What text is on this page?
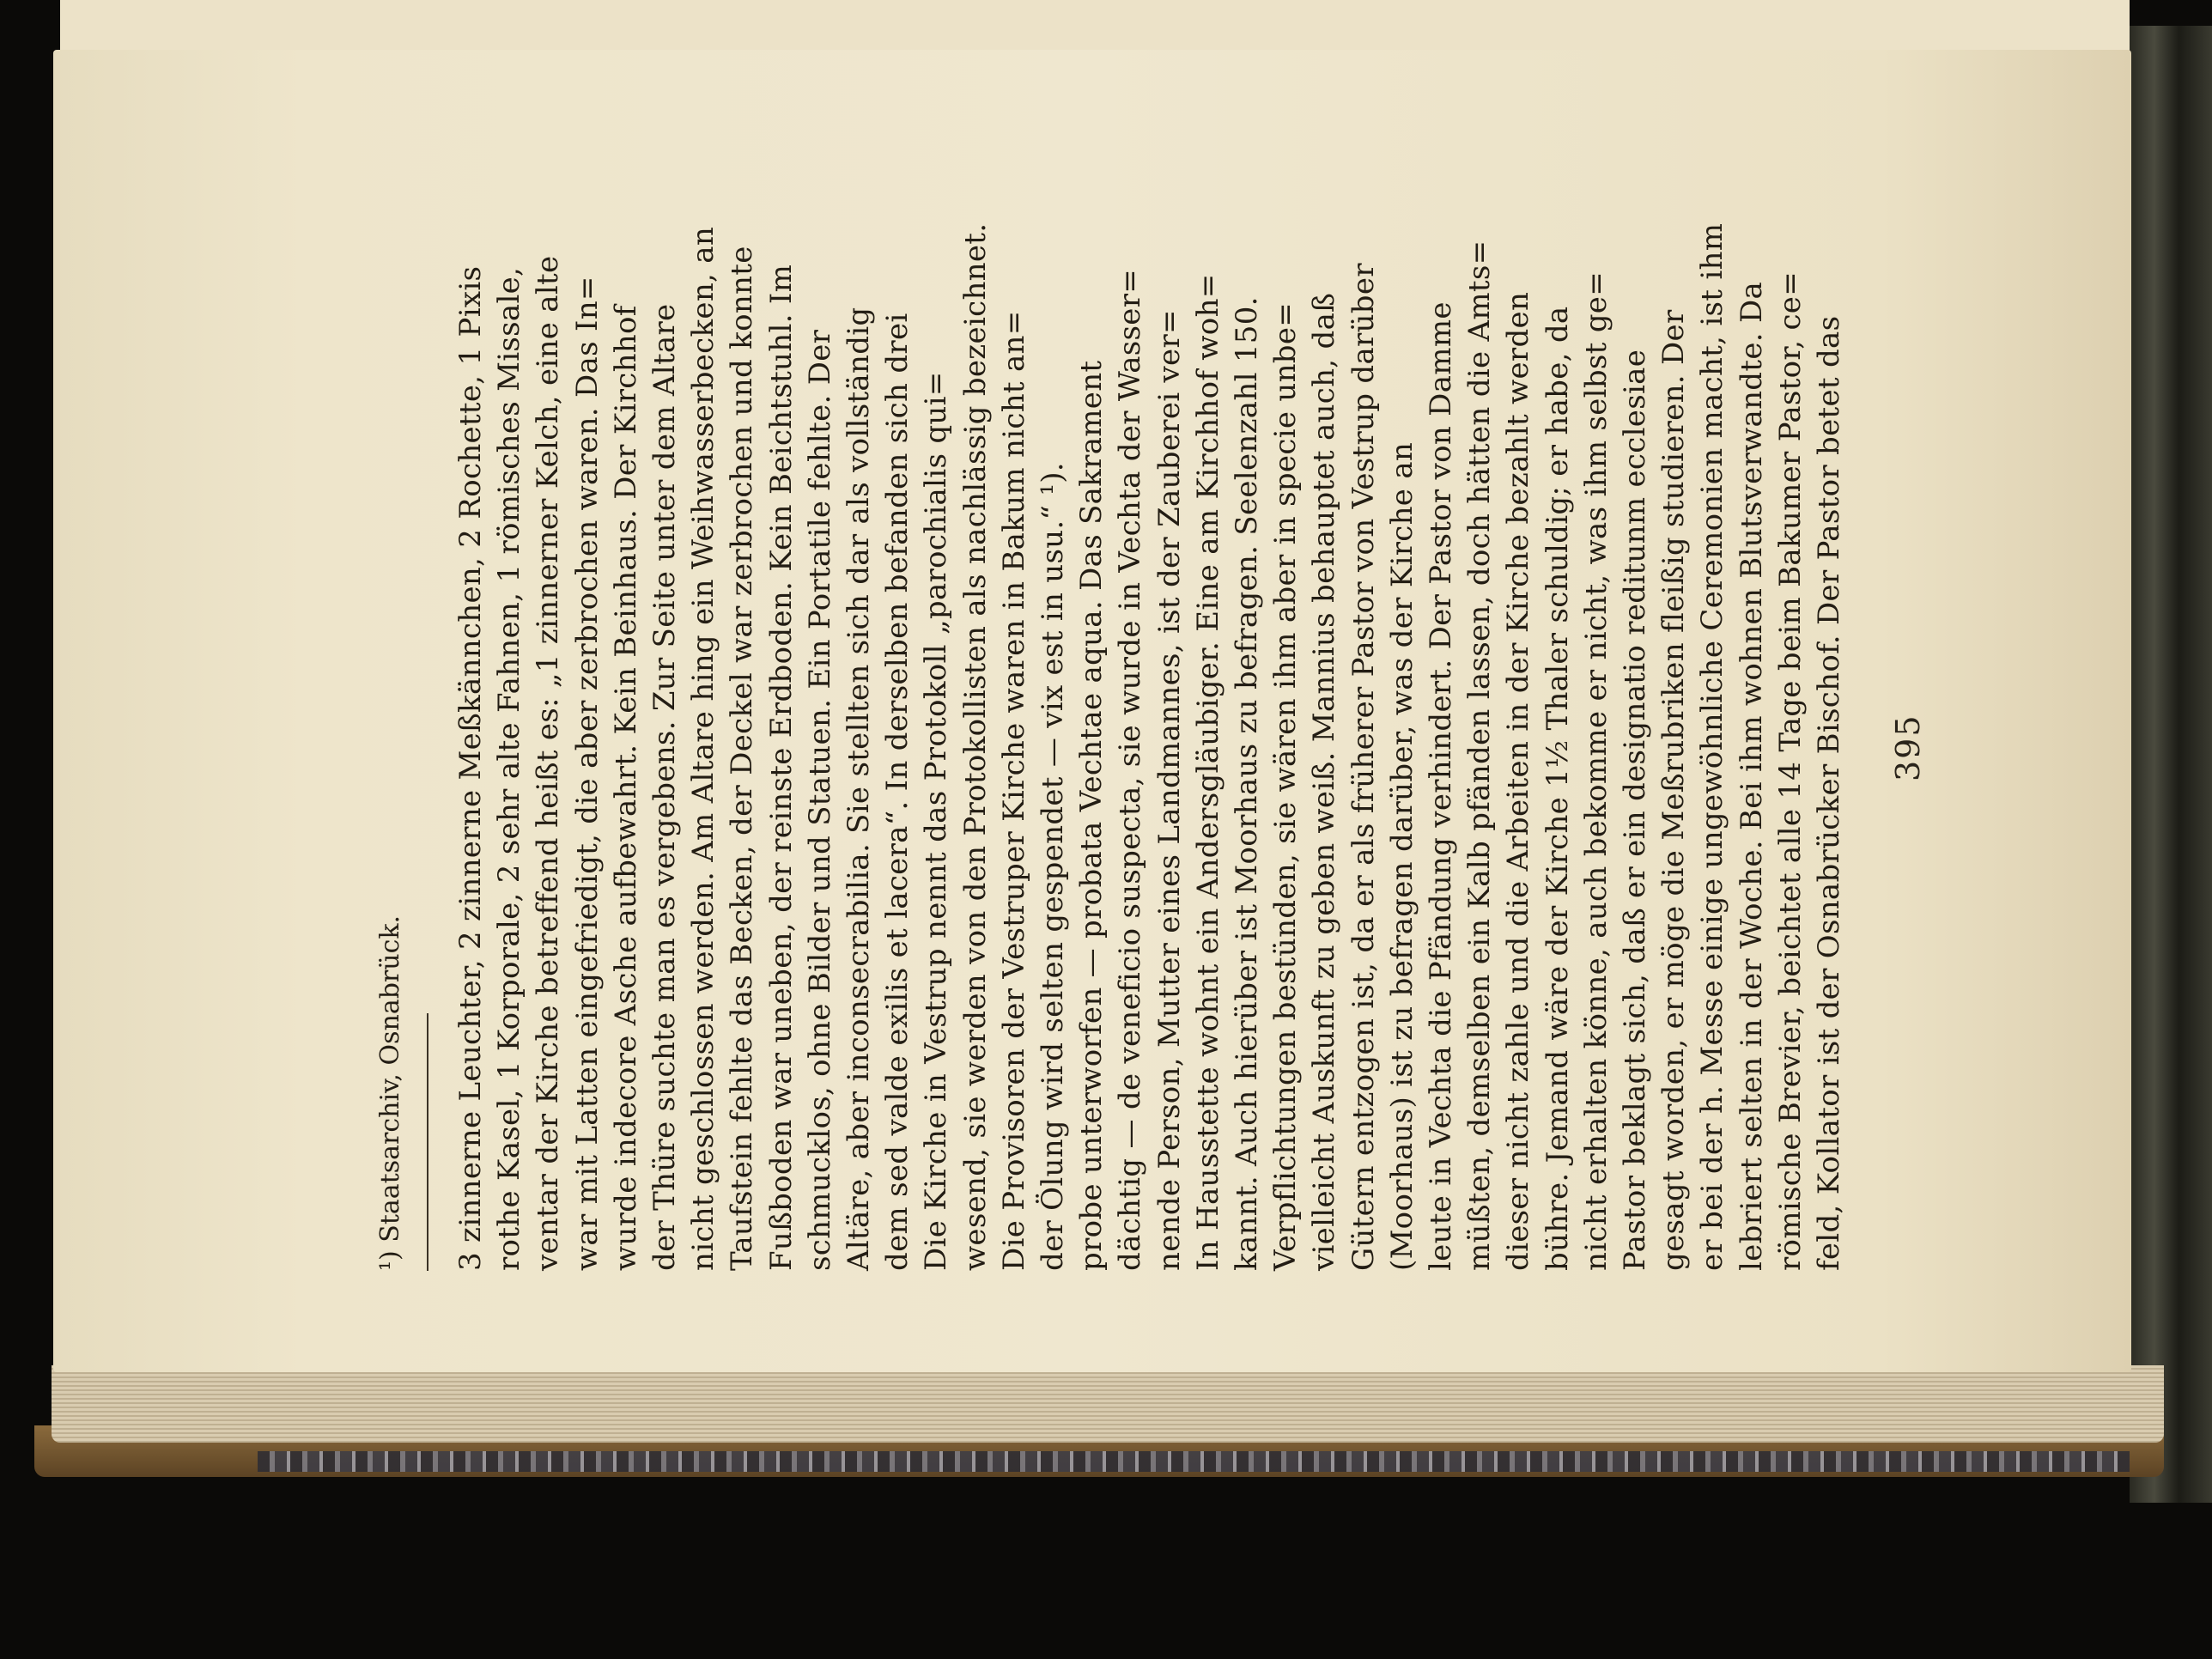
395
feld, Kollator ist der Osnabrücker Bischof. Der Pastor betet das
römische Brevier, beichtet alle 14 Tage beim Bakumer Pastor, ce=
lebriert selten in der Woche. Bei ihm wohnen Blutsverwandte. Da
er bei der h. Messe einige ungewöhnliche Ceremonien macht, ist ihm
gesagt worden, er möge die Meßrubriken fleißig studieren. Der
Pastor beklagt sich, daß er ein designatio reditunm ecclesiae
nicht erhalten könne, auch bekomme er nicht, was ihm selbst ge=
bühre. Jemand wäre der Kirche 1½ Thaler schuldig; er habe, da
dieser nicht zahle und die Arbeiten in der Kirche bezahlt werden
müßten, demselben ein Kalb pfänden lassen, doch hätten die Amts=
leute in Vechta die Pfändung verhindert. Der Pastor von Damme
(Moorhaus) ist zu befragen darüber, was der Kirche an
Gütern entzogen ist, da er als früherer Pastor von Vestrup darüber
vielleicht Auskunft zu geben weiß. Mannius behauptet auch, daß
Verpflichtungen bestünden, sie wären ihm aber in specie unbe=
kannt. Auch hierüber ist Moorhaus zu befragen. Seelenzahl 150.
In Hausstette wohnt ein Andersgläubiger. Eine am Kirchhof woh=
nende Person, Mutter eines Landmannes, ist der Zauberei ver=
dächtig — de veneficio suspecta, sie wurde in Vechta der Wasser=
probe unterworfen — probata Vechtae aqua. Das Sakrament
der Ölung wird selten gespendet — vix est in usu.“ ¹).
Die Provisoren der Vestruper Kirche waren in Bakum nicht an=
wesend, sie werden von den Protokollisten als nachlässig bezeichnet.
Die Kirche in Vestrup nennt das Protokoll „parochialis qui=
dem sed valde exilis et lacera“. In derselben befanden sich drei
Altäre, aber inconsecrabilia. Sie stellten sich dar als vollständig
schmucklos, ohne Bilder und Statuen. Ein Portatile fehlte. Der
Fußboden war uneben, der reinste Erdboden. Kein Beichtstuhl. Im
Taufstein fehlte das Becken, der Deckel war zerbrochen und konnte
nicht geschlossen werden. Am Altare hing ein Weihwasserbecken, an
der Thüre suchte man es vergebens. Zur Seite unter dem Altare
wurde indecore Asche aufbewahrt. Kein Beinhaus. Der Kirchhof
war mit Latten eingefriedigt, die aber zerbrochen waren. Das In=
ventar der Kirche betreffend heißt es: „1 zinnerner Kelch, eine alte
rothe Kasel, 1 Korporale, 2 sehr alte Fahnen, 1 römisches Missale,
3 zinnerne Leuchter, 2 zinnerne Meßkännchen, 2 Rochette, 1 Pixis
¹) Staatsarchiv, Osnabrück.
